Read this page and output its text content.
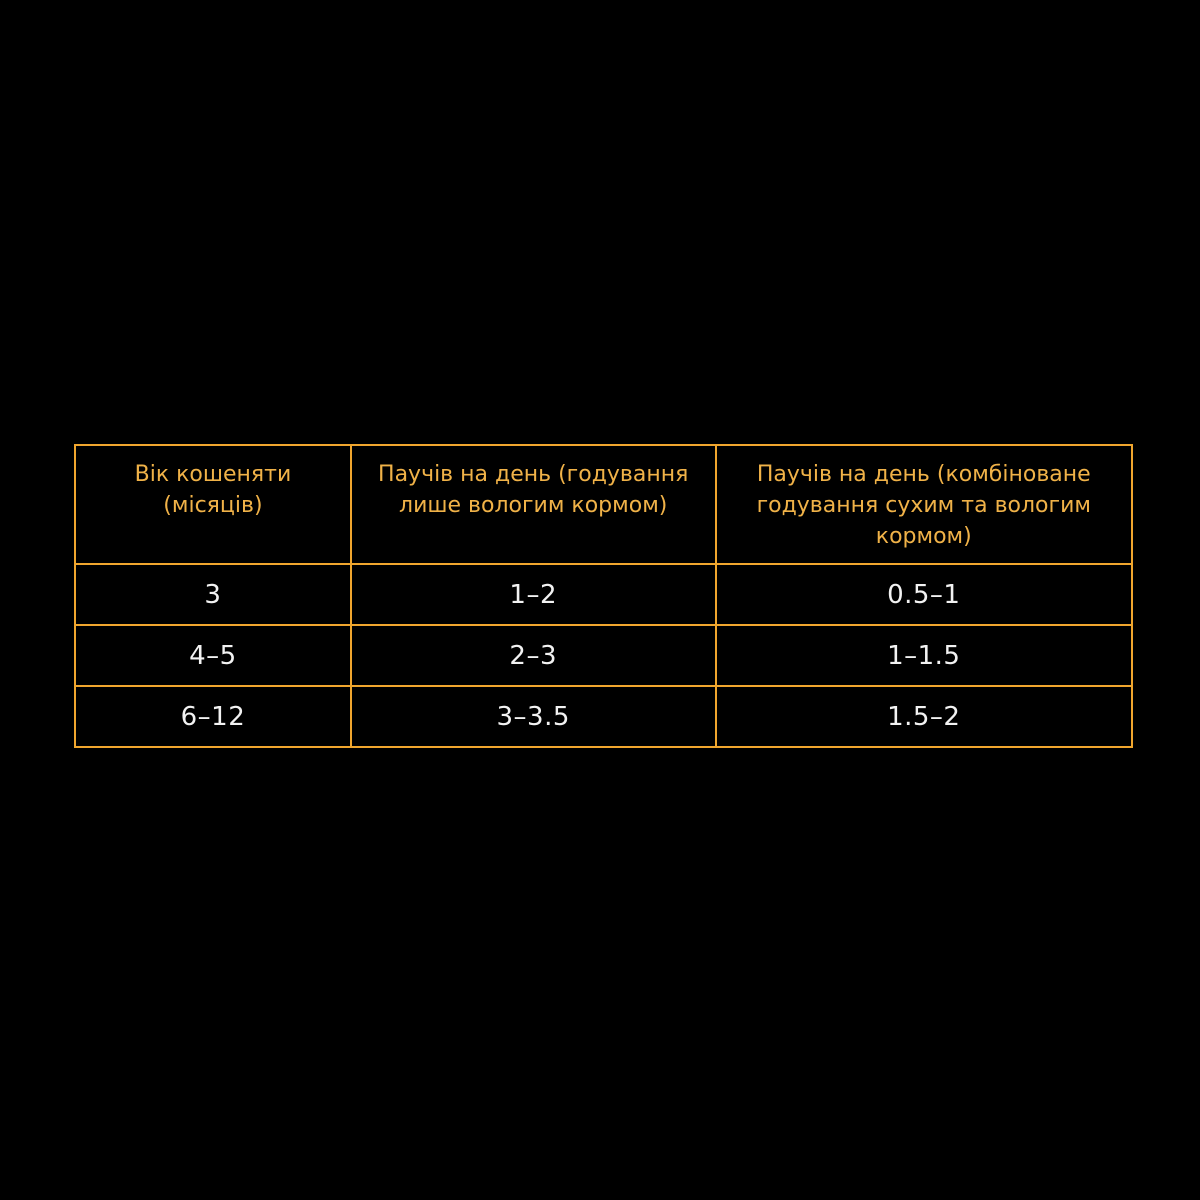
Вік кошеняти (місяців)	Паучів на день (годування лише вологим кормом)	Паучів на день (комбіноване годування сухим та вологим кормом)
3	1–2	0.5–1
4–5	2–3	1–1.5
6–12	3–3.5	1.5–2
